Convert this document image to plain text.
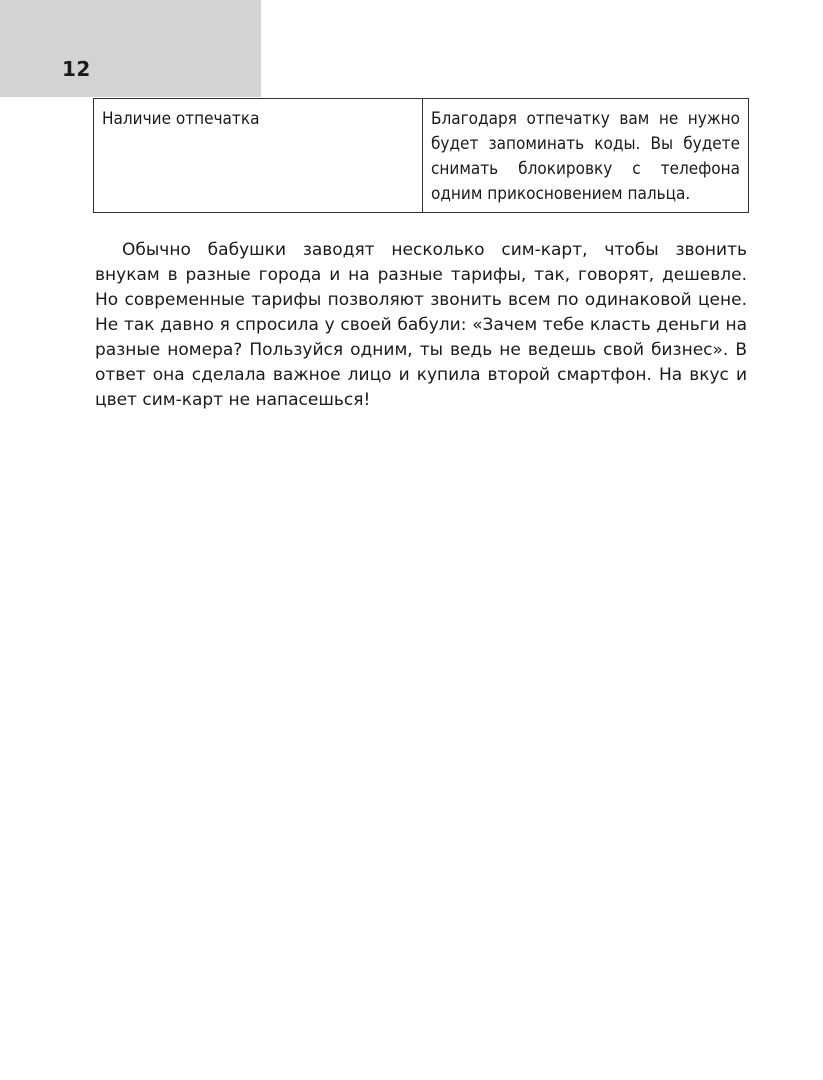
12
Наличие отпечатка	Благодаря отпечатку вам не нужно будет запоминать коды. Вы будете снимать блокировку с телефона одним прикосновением пальца.

Обычно бабушки заводят несколько сим-карт, чтобы звонить внукам в разные города и на разные тарифы, так, говорят, дешевле. Но современные тарифы позволяют звонить всем по одинаковой цене. Не так давно я спросила у своей бабули: «Зачем тебе класть деньги на разные номера? Пользуйся одним, ты ведь не ведешь свой бизнес». В ответ она сделала важное лицо и купила второй смартфон. На вкус и цвет сим-карт не напасешься!
